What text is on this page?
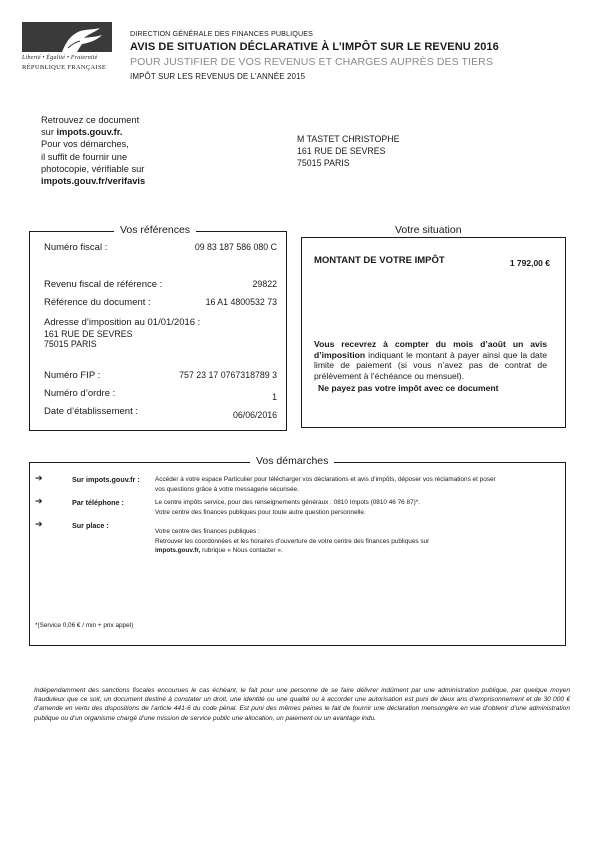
Liberté • Égalité • Fraternité
RÉPUBLIQUE FRANÇAISE
DIRECTION GÉNÉRALE DES FINANCES PUBLIQUES
AVIS DE SITUATION DÉCLARATIVE À L’IMPÔT SUR LE REVENU 2016
POUR JUSTIFIER DE VOS REVENUS ET CHARGES AUPRÈS DES TIERS
IMPÔT SUR LES REVENUS DE L’ANNÉE 2015
Retrouvez ce document
sur impots.gouv.fr.
Pour vos démarches,
il suffit de fournir une
photocopie, vérifiable sur
impots.gouv.fr/verifavis
M TASTET CHRISTOPHE
161 RUE DE SEVRES
75015 PARIS
Numéro fiscal :	09 83 187 586 080 C
Revenu fiscal de référence :	29822
Référence du document :	16 A1 4800532 73
Adresse d’imposition au 01/01/2016 :
161 RUE DE SEVRES
75015 PARIS
Numéro FIP :	757 23 17 0767318789 3
Numéro d’ordre :	1
Date d’établissement :	06/06/2016
Vos références	Votre situation
MONTANT DE VOTRE IMPÔT	1 792,00 €
Vous recevrez à compter du mois d’août un avis d’imposition indiquant le montant à payer ainsi que la date limite de paiement (si vous n’avez pas de contrat de prélèvement à l’échéance ou mensuel).
Ne payez pas votre impôt avec ce document
Vos démarches
➔	Sur impots.gouv.fr : Accéder à votre espace Particulier pour télécharger vos déclarations et avis d’impôts, déposer vos réclamations et poser
vos questions grâce à votre messagerie sécurisée.
➔	Par téléphone :	Le centre impôts service, pour des renseignements généraux : 0810 Impots (0810 46 76 87)*.
Votre centre des finances publiques pour toute autre question personnelle.
➔	Sur place :
Votre centre des finances publiques :
Retrouver les coordonnées et les horaires d’ouverture de votre centre des finances publiques sur
impots.gouv.fr, rubrique « Nous contacter ».
*(Service 0,06 € / min + prix appel)
Indépendamment des sanctions fiscales encourues le cas échéant, le fait pour une personne de se faire délivrer indûment par une administration publique, par quelque moyen frauduleux que ce soit, un document destiné à constater un droit, une identité ou une qualité ou à accorder une autorisation est puni de deux ans d’emprisonnement et de 30 000 € d’amende en vertu des dispositions de l’article 441-6 du code pénal. Est puni des mêmes peines le fait de fournir une déclaration mensongère en vue d’obtenir d’une administration publique ou d’un organisme chargé d’une mission de service public une allocation, un paiement ou un avantage indu.
